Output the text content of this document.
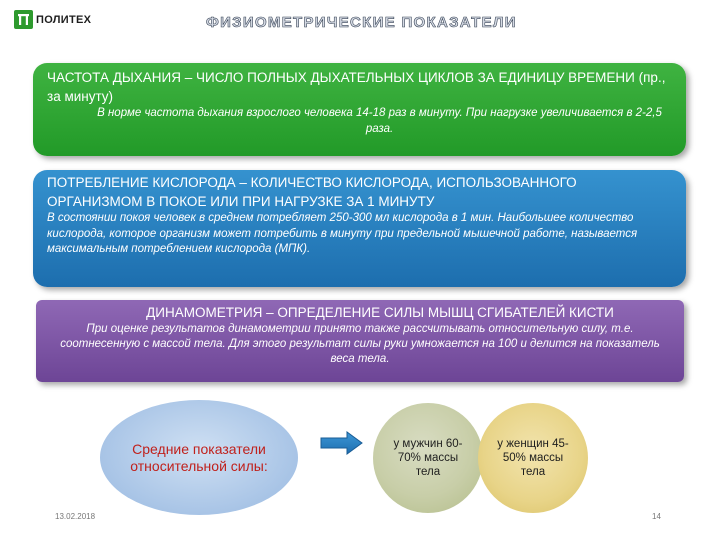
ПОЛИТЕХ	ФИЗИОМЕТРИЧЕСКИЕ ПОКАЗАТЕЛИ
ЧАСТОТА ДЫХАНИЯ – ЧИСЛО ПОЛНЫХ ДЫХАТЕЛЬНЫХ ЦИКЛОВ ЗА ЕДИНИЦУ ВРЕМЕНИ (пр., за минуту)
В норме частота дыхания взрослого человека 14-18 раз в минуту. При нагрузке увеличивается в 2-2,5 раза.
ПОТРЕБЛЕНИЕ КИСЛОРОДА – КОЛИЧЕСТВО КИСЛОРОДА, ИСПОЛЬЗОВАННОГО ОРГАНИЗМОМ В ПОКОЕ ИЛИ ПРИ НАГРУЗКЕ ЗА 1 МИНУТУ
В состоянии покоя человек в среднем потребляет 250-300 мл кислорода в 1 мин. Наибольшее количество кислорода, которое организм может потребить в минуту при предельной мышечной работе, называется максимальным потреблением кислорода (МПК).
ДИНАМОМЕТРИЯ – ОПРЕДЕЛЕНИЕ СИЛЫ МЫШЦ СГИБАТЕЛЕЙ КИСТИ
При оценке результатов динамометрии принято также рассчитывать относительную силу, т.е. соотнесенную с массой тела. Для этого результат силы руки умножается на 100 и делится на показатель веса тела.
Средние показатели относительной силы:
у мужчин 60-70% массы тела
у женщин 45-50% массы тела
13.02.2018	14
